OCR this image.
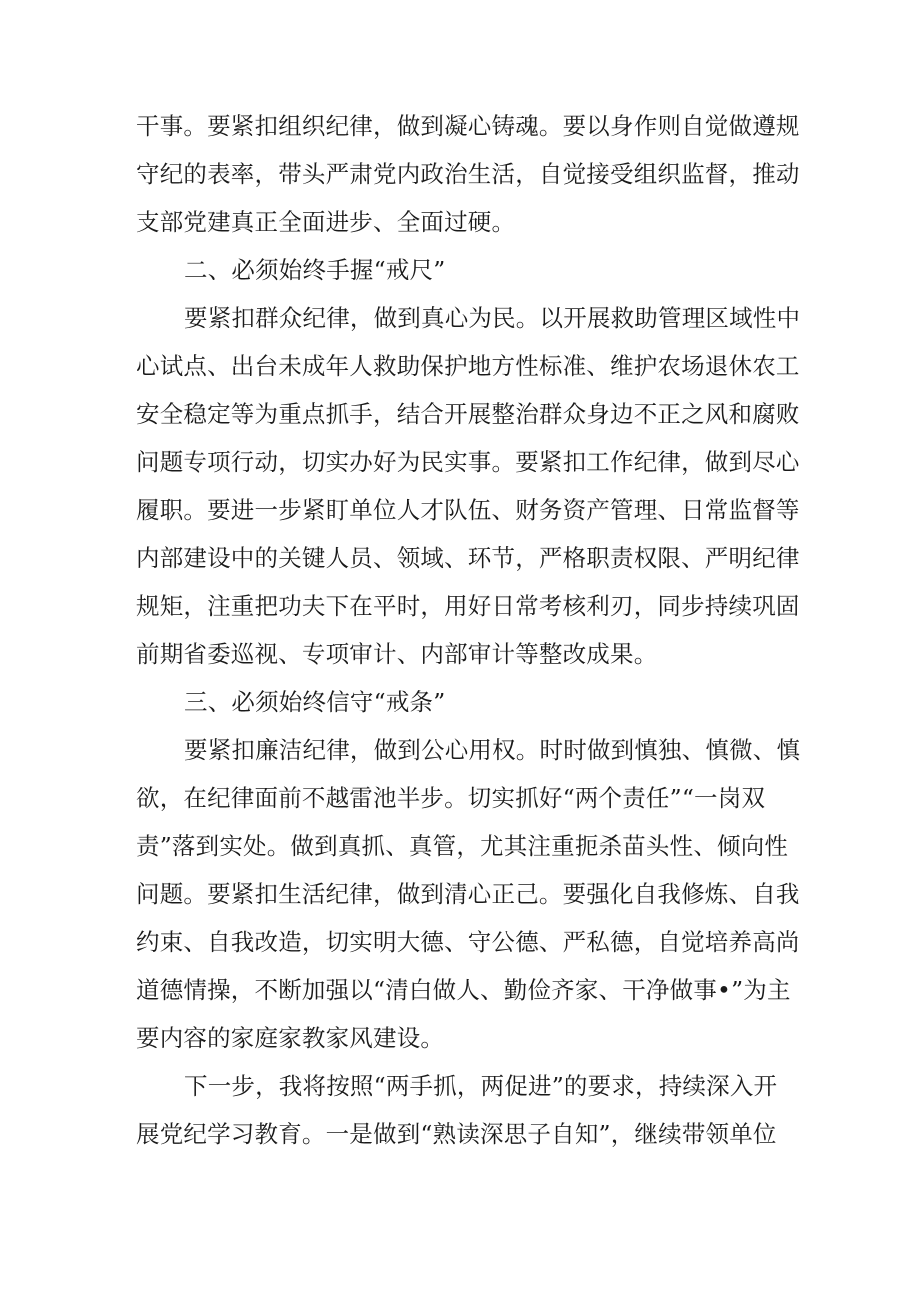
干事。要紧扣组织纪律，做到凝心铸魂。要以身作则自觉做遵规
守纪的表率，带头严肃党内政治生活，自觉接受组织监督，推动
支部党建真正全面进步、全面过硬。
二、必须始终手握“戒尺”
要紧扣群众纪律，做到真心为民。以开展救助管理区域性中
心试点、出台未成年人救助保护地方性标准、维护农场退休农工
安全稳定等为重点抓手，结合开展整治群众身边不正之风和腐败
问题专项行动，切实办好为民实事。要紧扣工作纪律，做到尽心
履职。要进一步紧盯单位人才队伍、财务资产管理、日常监督等
内部建设中的关键人员、领域、环节，严格职责权限、严明纪律
规矩，注重把功夫下在平时，用好日常考核利刃，同步持续巩固
前期省委巡视、专项审计、内部审计等整改成果。
三、必须始终信守“戒条”
要紧扣廉洁纪律，做到公心用权。时时做到慎独、慎微、慎
欲，在纪律面前不越雷池半步。切实抓好“两个责任”“一岗双
责”落到实处。做到真抓、真管，尤其注重扼杀苗头性、倾向性
问题。要紧扣生活纪律，做到清心正己。要强化自我修炼、自我
约束、自我改造，切实明大德、守公德、严私德，自觉培养高尚
道德情操，不断加强以“清白做人、勤俭齐家、干净做事•”为主
要内容的家庭家教家风建设。
下一步，我将按照“两手抓，两促进”的要求，持续深入开
展党纪学习教育。一是做到“熟读深思子自知”，继续带领单位
